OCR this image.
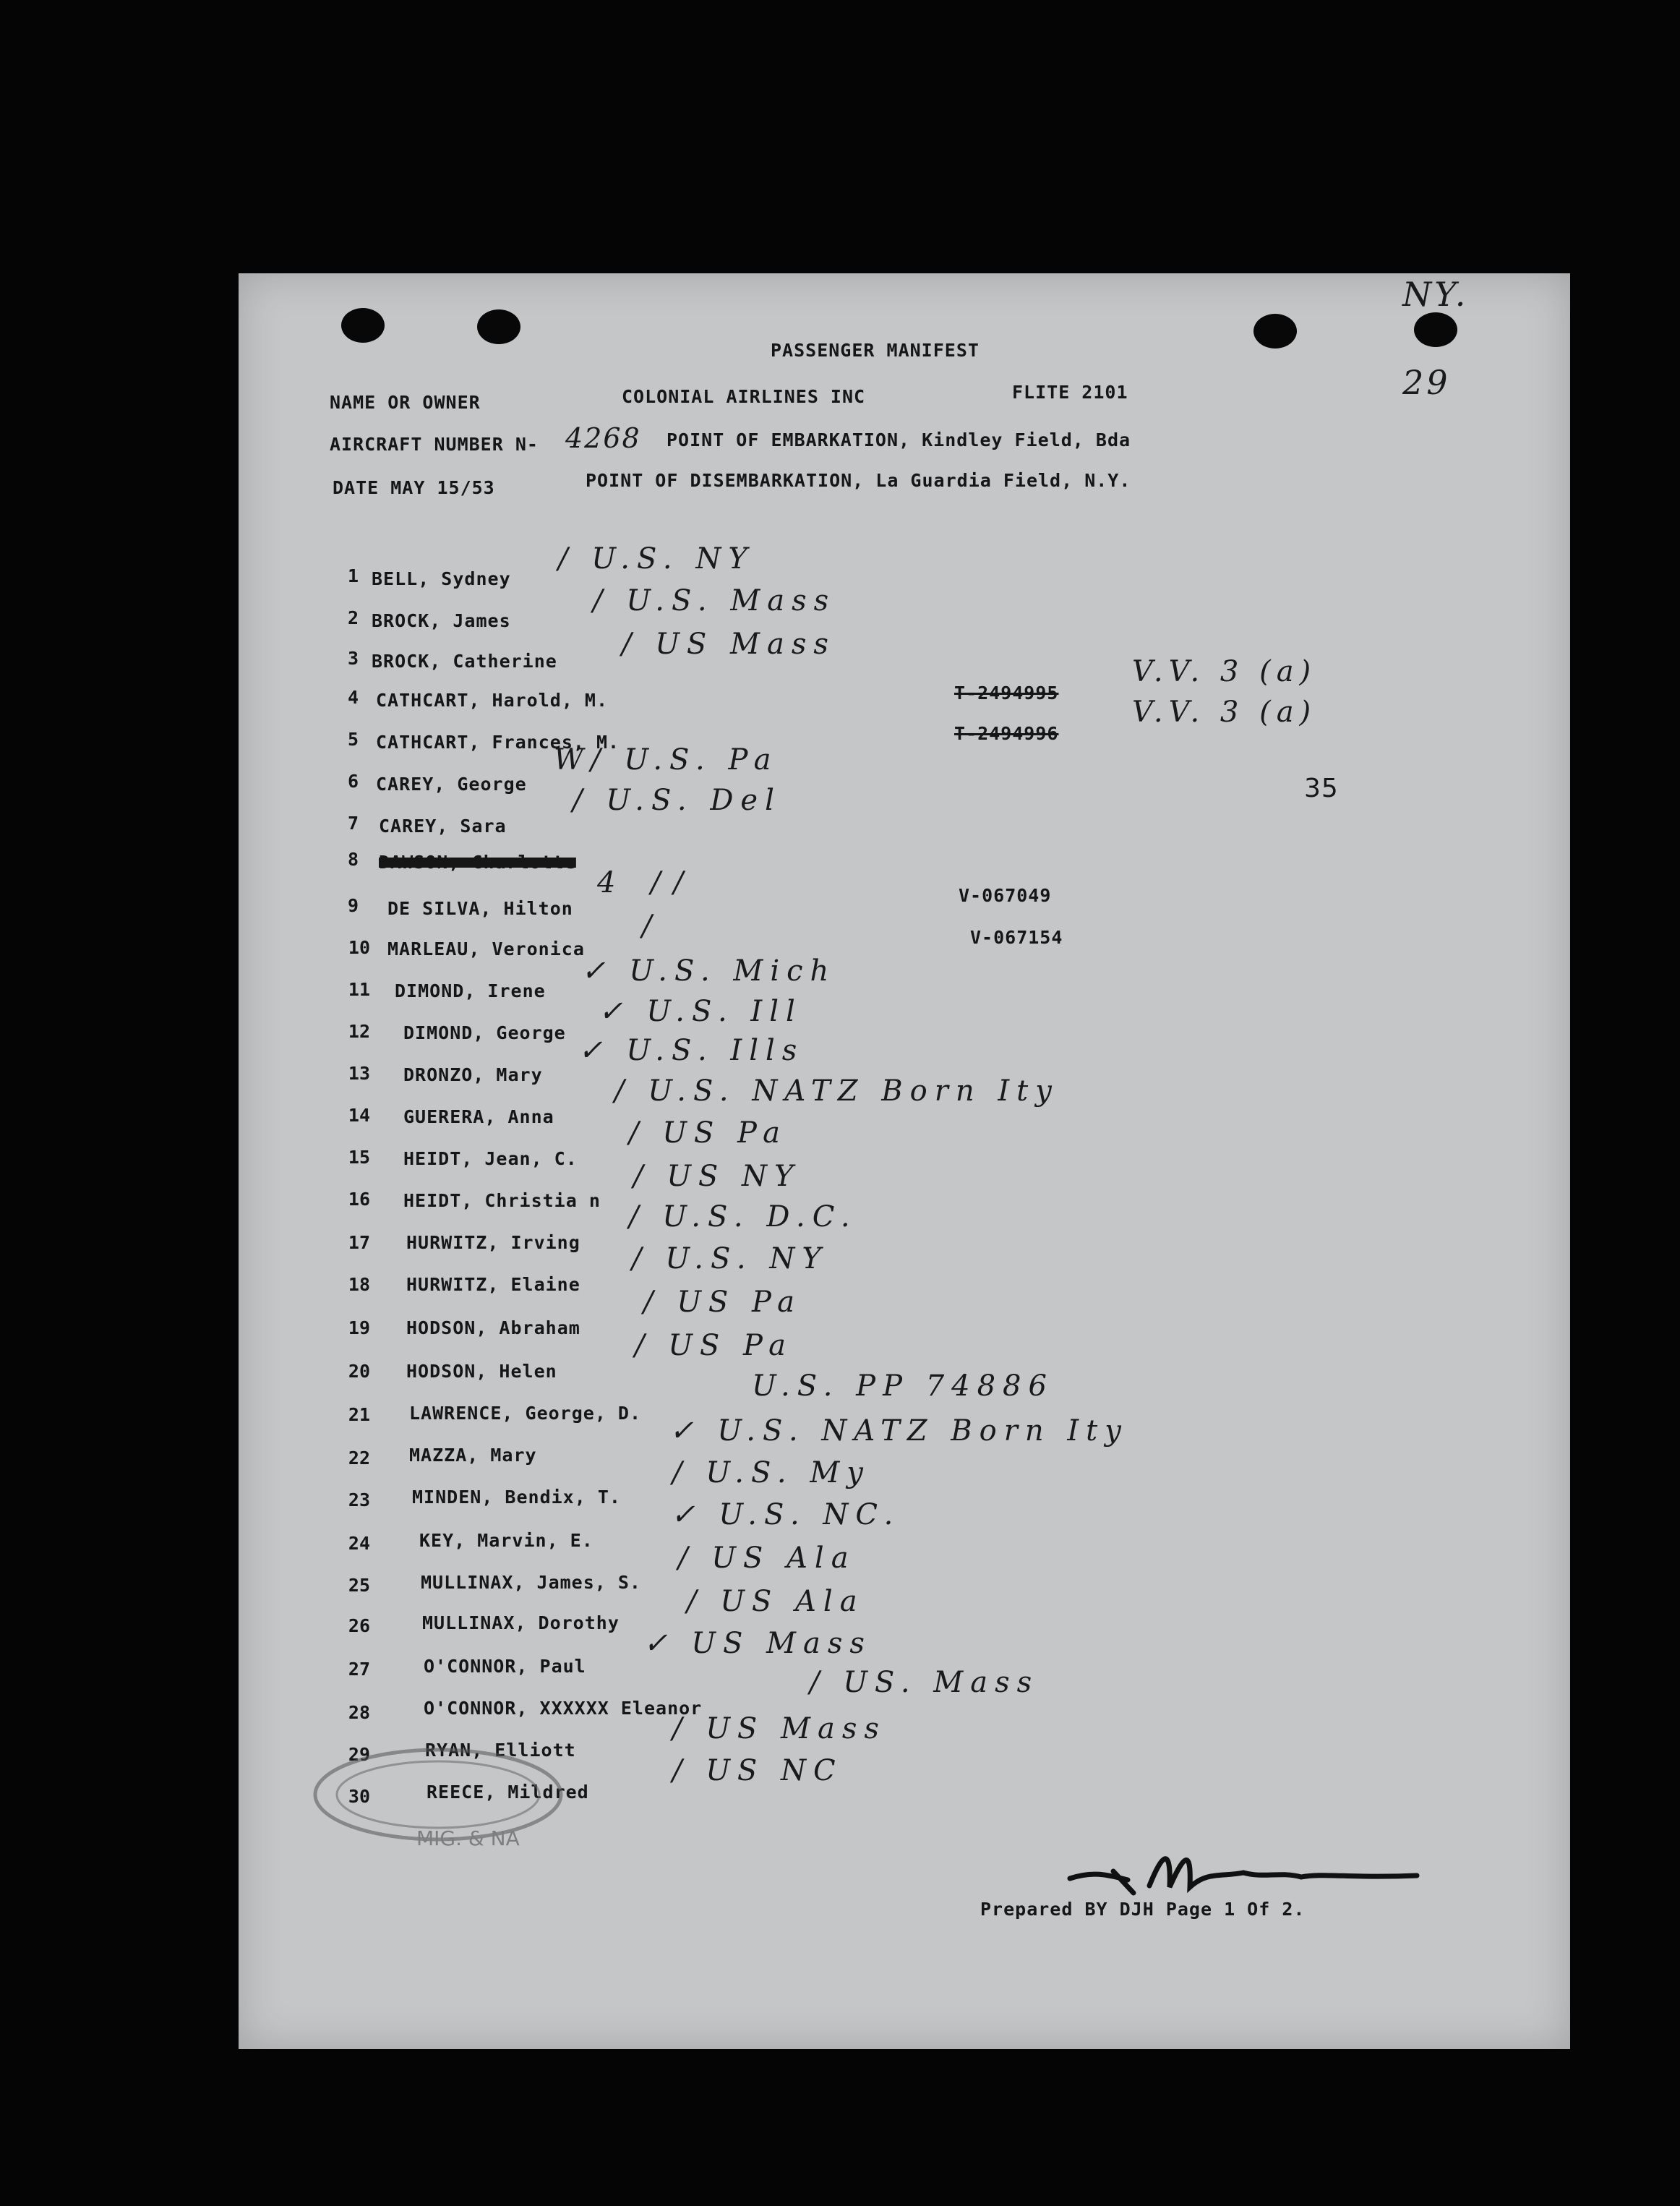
PASSENGER MANIFEST
NAME OR OWNER	COLONIAL AIRLINES INC	FLITE 2101
AIRCRAFT NUMBER N- 4268 POINT OF EMBARKATION, Kindley Field, Bda
DATE MAY 15/53	POINT OF DISEMBARKATION, La Guardia Field, N.Y.
NY.
29
1 BELL, Sydney
/ U.S. NY
2 BROCK, James
/ U.S. Mass
3 BROCK, Catherine
/ US Mass
4 CATHCART, Harold, M.	T-2494995
V.V. 3 (a)
5 CATHCART, Frances, M.	T-2494996
V.V. 3 (a)
6 CAREY, George
W/ U.S. Pa
35
7 CAREY, Sara
/ U.S. Del
8 DAWSON, Charlotte
9 DE SILVA, Hilton
4 //	V-067049
10 MARLEAU, Veronica
/	V-067154
11 DIMOND, Irene
✓ U.S. Mich
12 DIMOND, George
✓ U.S. Ill
13 DRONZO, Mary
✓ U.S. Ills
14 GUERERA, Anna
/ U.S. NATZ Born Ity
15 HEIDT, Jean, C.
/ US Pa
16 HEIDT, Christia n
/ US NY
17 HURWITZ, Irving
/ U.S. D.C.
18 HURWITZ, Elaine
/ U.S. NY
19 HODSON, Abraham
/ US Pa
20 HODSON, Helen
/ US Pa
21 LAWRENCE, George, D.
U.S. PP 74886
22 MAZZA, Mary
✓ U.S. NATZ Born Ity
23 MINDEN, Bendix, T.
/ U.S. My
24	KEY, Marvin, E.
✓ U.S. NC.
25	MULLINAX, James, S.
/ US Ala
26	MULLINAX, Dorothy
/ US Ala
27	O'CONNOR, Paul
✓ US Mass
28	O'CONNOR, XXXXXX Eleanor
/ US. Mass
29	RYAN, Elliott
/ US Mass
30	REECE, Mildred
/ US NC
MIG. & NA
Prepared BY DJH Page 1 Of 2.
